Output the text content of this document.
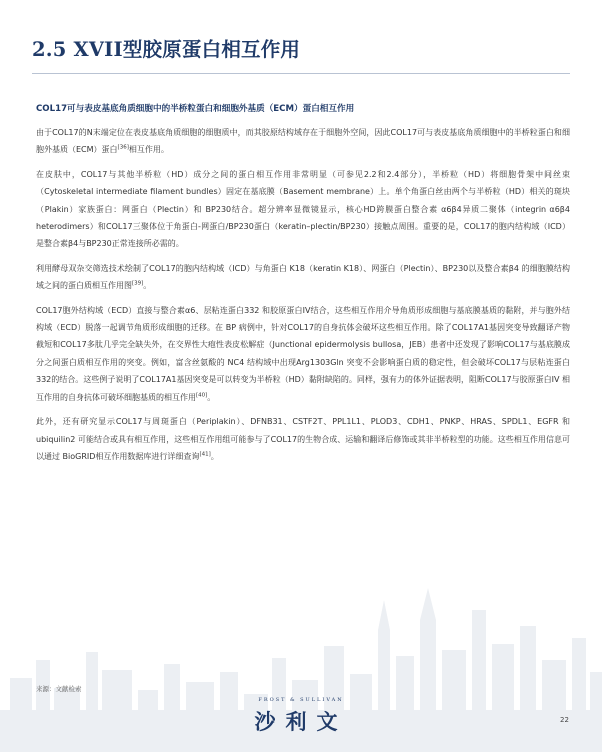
2.5 XVII型胶原蛋白相互作用
COL17可与表皮基底角质细胞中的半桥粒蛋白和细胞外基质（ECM）蛋白相互作用

由于COL17的N末端定位在表皮基底角质细胞的细胞质中，而其胶原结构域存在于细胞外空间，因此COL17可与表皮基底角质细胞中的半桥粒蛋白和细胞外基质（ECM）蛋白[36]相互作用。

在皮肤中，COL17与其他半桥粒（HD）成分之间的蛋白相互作用非常明显（可参见2.2和2.4部分），半桥粒（HD）将细胞骨架中间丝束（Cytoskeletal intermediate filament bundles）固定在基底膜（Basement membrane）上。单个角蛋白丝由两个与半桥粒（HD）相关的斑块（Plakin）家族蛋白：网蛋白（Plectin）和 BP230结合。超分辨率显微镜显示，核心HD跨膜蛋白整合素 α6β4异质二聚体（integrin α6β4 heterodimers）和COL17三聚体位于角蛋白-网蛋白/BP230蛋白（keratin–plectin/BP230）接触点周围。重要的是，COL17的胞内结构域（ICD）是整合素β4与BP230正常连接所必需的。

利用酵母双杂交筛选技术绘制了COL17的胞内结构域（ICD）与角蛋白 K18（keratin K18）、网蛋白（Plectin）、BP230以及整合素β4 的细胞膜结构域之间的蛋白质相互作用图[39]。

COL17胞外结构域（ECD）直接与整合素α6、层粘连蛋白332 和胶原蛋白IV结合，这些相互作用介导角质形成细胞与基底膜基质的黏附，并与胞外结构域（ECD）脱落一起调节角质形成细胞的迁移。在 BP 病例中，针对COL17的自身抗体会破坏这些相互作用。除了COL17A1基因突变导致翻译产物截短和COL17多肽几乎完全缺失外，在交界性大疱性表皮松解症（Junctional epidermolysis bullosa，JEB）患者中还发现了影响COL17与基底膜成分之间蛋白质相互作用的突变。例如，富含丝氨酸的 NC4 结构域中出现Arg1303Gln 突变不会影响蛋白质的稳定性，但会破坏COL17与层粘连蛋白332的结合。这些例子说明了COL17A1基因突变是可以转变为半桥粒（HD）黏附缺陷的。同样，强有力的体外证据表明，阻断COL17与胶原蛋白IV 相互作用的自身抗体可破坏细胞基质的相互作用[40]。

此外，还有研究显示COL17与周斑蛋白（Periplakin）、DFNB31、CSTF2T、PPL1L1、PLOD3、CDH1、PNKP、HRAS、SPDL1、EGFR 和 ubiquilin2 可能结合或具有相互作用，这些相互作用组可能参与了COL17的生物合成、运输和翻译后修饰或其非半桥粒型的功能。这些相互作用信息可以通过 BioGRID相互作用数据库进行详细查询[41]。

来源：文献检索
FROST & SULLIVAN
沙利文	22
